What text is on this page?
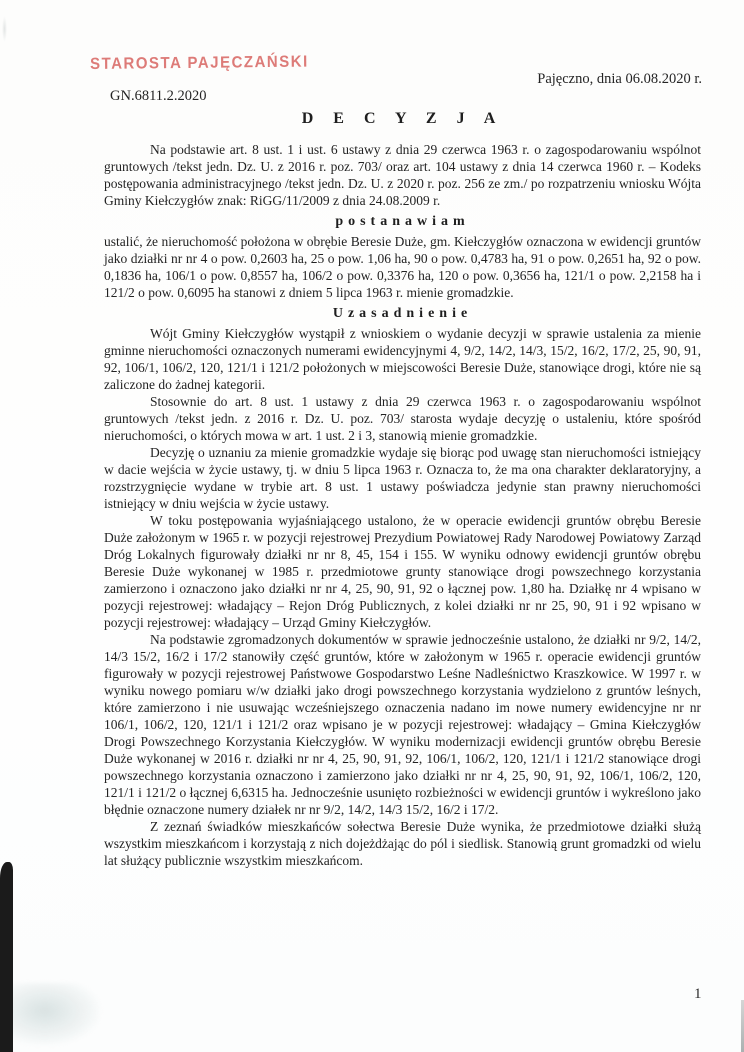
STAROSTA PAJĘCZAŃSKI
Pajęczno, dnia 06.08.2020 r.
GN.6811.2.2020
D E C Y Z J A

Na podstawie art. 8 ust. 1 i ust. 6 ustawy z dnia 29 czerwca 1963 r. o zagospodarowaniu wspólnot gruntowych /tekst jedn. Dz. U. z 2016 r. poz. 703/ oraz art. 104 ustawy z dnia 14 czerwca 1960 r. – Kodeks postępowania administracyjnego /tekst jedn. Dz. U. z 2020 r. poz. 256 ze zm./ po rozpatrzeniu wniosku Wójta Gminy Kiełczygłów znak: RiGG/11/2009 z dnia 24.08.2009 r.

postanawiam

ustalić, że nieruchomość położona w obrębie Beresie Duże, gm. Kiełczygłów oznaczona w ewidencji gruntów jako działki nr nr 4 o pow. 0,2603 ha, 25 o pow. 1,06 ha, 90 o pow. 0,4783 ha, 91 o pow. 0,2651 ha, 92 o pow. 0,1836 ha, 106/1 o pow. 0,8557 ha, 106/2 o pow. 0,3376 ha, 120 o pow. 0,3656 ha, 121/1 o pow. 2,2158 ha i 121/2 o pow. 0,6095 ha stanowi z dniem 5 lipca 1963 r. mienie gromadzkie.

Uzasadnienie

Wójt Gminy Kiełczygłów wystąpił z wnioskiem o wydanie decyzji w sprawie ustalenia za mienie gminne nieruchomości oznaczonych numerami ewidencyjnymi 4, 9/2, 14/2, 14/3, 15/2, 16/2, 17/2, 25, 90, 91, 92, 106/1, 106/2, 120, 121/1 i 121/2 położonych w miejscowości Beresie Duże, stanowiące drogi, które nie są zaliczone do żadnej kategorii.

Stosownie do art. 8 ust. 1 ustawy z dnia 29 czerwca 1963 r. o zagospodarowaniu wspólnot gruntowych /tekst jedn. z 2016 r. Dz. U. poz. 703/ starosta wydaje decyzję o ustaleniu, które spośród nieruchomości, o których mowa w art. 1 ust. 2 i 3, stanowią mienie gromadzkie.

Decyzję o uznaniu za mienie gromadzkie wydaje się biorąc pod uwagę stan nieruchomości istniejący w dacie wejścia w życie ustawy, tj. w dniu 5 lipca 1963 r. Oznacza to, że ma ona charakter deklaratoryjny, a rozstrzygnięcie wydane w trybie art. 8 ust. 1 ustawy poświadcza jedynie stan prawny nieruchomości istniejący w dniu wejścia w życie ustawy.

W toku postępowania wyjaśniającego ustalono, że w operacie ewidencji gruntów obrębu Beresie Duże założonym w 1965 r. w pozycji rejestrowej Prezydium Powiatowej Rady Narodowej Powiatowy Zarząd Dróg Lokalnych figurowały działki nr nr 8, 45, 154 i 155. W wyniku odnowy ewidencji gruntów obrębu Beresie Duże wykonanej w 1985 r. przedmiotowe grunty stanowiące drogi powszechnego korzystania zamierzono i oznaczono jako działki nr nr 4, 25, 90, 91, 92 o łącznej pow. 1,80 ha. Działkę nr 4 wpisano w pozycji rejestrowej: władający – Rejon Dróg Publicznych, z kolei działki nr nr 25, 90, 91 i 92 wpisano w pozycji rejestrowej: władający – Urząd Gminy Kiełczygłów.

Na podstawie zgromadzonych dokumentów w sprawie jednocześnie ustalono, że działki nr 9/2, 14/2, 14/3 15/2, 16/2 i 17/2 stanowiły część gruntów, które w założonym w 1965 r. operacie ewidencji gruntów figurowały w pozycji rejestrowej Państwowe Gospodarstwo Leśne Nadleśnictwo Kraszkowice. W 1997 r. w wyniku nowego pomiaru w/w działki jako drogi powszechnego korzystania wydzielono z gruntów leśnych, które zamierzono i nie usuwając wcześniejszego oznaczenia nadano im nowe numery ewidencyjne nr nr 106/1, 106/2, 120, 121/1 i 121/2 oraz wpisano je w pozycji rejestrowej: władający – Gmina Kiełczygłów Drogi Powszechnego Korzystania Kiełczygłów. W wyniku modernizacji ewidencji gruntów obrębu Beresie Duże wykonanej w 2016 r. działki nr nr 4, 25, 90, 91, 92, 106/1, 106/2, 120, 121/1 i 121/2 stanowiące drogi powszechnego korzystania oznaczono i zamierzono jako działki nr nr 4, 25, 90, 91, 92, 106/1, 106/2, 120, 121/1 i 121/2 o łącznej 6,6315 ha. Jednocześnie usunięto rozbieżności w ewidencji gruntów i wykreślono jako błędnie oznaczone numery działek nr nr 9/2, 14/2, 14/3 15/2, 16/2 i 17/2.

Z zeznań świadków mieszkańców sołectwa Beresie Duże wynika, że przedmiotowe działki służą wszystkim mieszkańcom i korzystają z nich dojeżdżając do pól i siedlisk. Stanowią grunt gromadzki od wielu lat służący publicznie wszystkim mieszkańcom.

1
